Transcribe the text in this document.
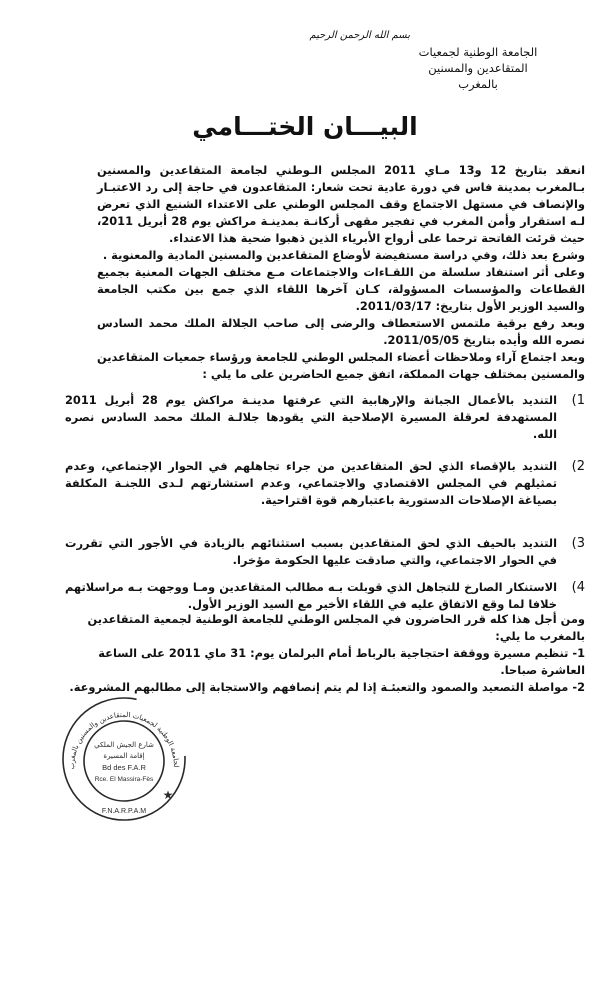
بسم الله الرحمن الرحيم
الجامعة الوطنية لجمعيات
المتقاعدين والمسنين
بالمغرب
البيـــان الختـــامي

انعقد بتاريخ 12 و13 مـاي 2011 المجلس الـوطني لجامعة المتقاعدين والمسنين بـالمغرب بمدينة فاس في دورة عادية تحت شعار: المتقاعدون في حاجة إلى رد الاعتبـار والإنصاف في مستهل الاجتماع وقف المجلس الوطني على الاعتداء الشنيع الذي تعرض لـه استقرار وأمن المغرب في تفجير مقهى أركانـة بمدينـة مراكش يوم 28 أبريل 2011، حيث قرئت الفاتحة ترحما على أرواح الأبرياء الذين ذهبوا ضحية هذا الاعتداء.

وشرع بعد ذلك، وفي دراسة مستفيضة لأوضاع المتقاعدين والمسنين المادية والمعنوية .

وعلى أثر استنفاد سلسلة من اللقـاءات والاجتماعات مـع مختلف الجهات المعنية بجميع القطاعات والمؤسسات المسؤولة، كـان آخرها اللقاء الذي جمع بين مكتب الجامعة والسيد الوزير الأول بتاريخ: 2011/03/17.

وبعد رفع برقية ملتمس الاستعطاف والرضى إلى صاحب الجلالة الملك محمد السادس نصره الله وأيده بتاريخ 2011/05/05.

وبعد اجتماع آراء وملاحظات أعضاء المجلس الوطني للجامعة ورؤساء جمعيات المتقاعدين والمسنين بمختلف جهات المملكة، اتفق جميع الحاضرين على ما يلي :

1)
التنديد بالأعمال الجبانة والإرهابية التي عرفتها مدينـة مراكش يوم 28 أبريل 2011 المستهدفة لعرقلة المسيرة الإصلاحية التي يقودها جلالـة الملك محمد السادس نصره الله.
2)
التنديد بالإقصاء الذي لحق المتقاعدين من جراء تجاهلهم في الحوار الإجتماعي، وعدم تمثيلهم في المجلس الاقتصادي والاجتماعي، وعدم استشارتهم لـدى اللجنـة المكلفة بصياغة الإصلاحات الدستورية باعتبارهم قوة اقتراحية.
3)
التنديد بالحيف الذي لحق المتقاعدين بسبب استثنائهم بالزيادة في الأجور التي تقررت في الحوار الاجتماعي، والتي صادقت عليها الحكومة مؤخرا.
4)
الاستنكار الصارخ للتجاهل الذي قوبلت بـه مطالب المتقاعدين ومـا ووجهت بـه مراسلاتهم خلافا لما وقع الاتفاق عليه في اللقاء الأخير مع السيد الوزير الأول.

ومن أجل هذا كله قرر الحاضرون في المجلس الوطني للجامعة الوطنية لجمعية المتقاعدين بالمغرب ما يلي:

1- تنظيم مسيرة ووقفة احتجاجية بالرباط أمام البرلمان يوم: 31 ماي 2011 على الساعة العاشرة صباحا.

2- مواصلة التصعيد والصمود والتعبئـة إذا لم يتم إنصافهم والاستجابة إلى مطالبهم المشروعة.

لجامعة الوطنية لجمعيات المتقاعدين والمسنين بالمغرب	شارع الجيش الملكي
إقامة المسيرة
Bd des F.A.R
Rce. El Massira-Fès
F.N.A.R.P.A.M
★
